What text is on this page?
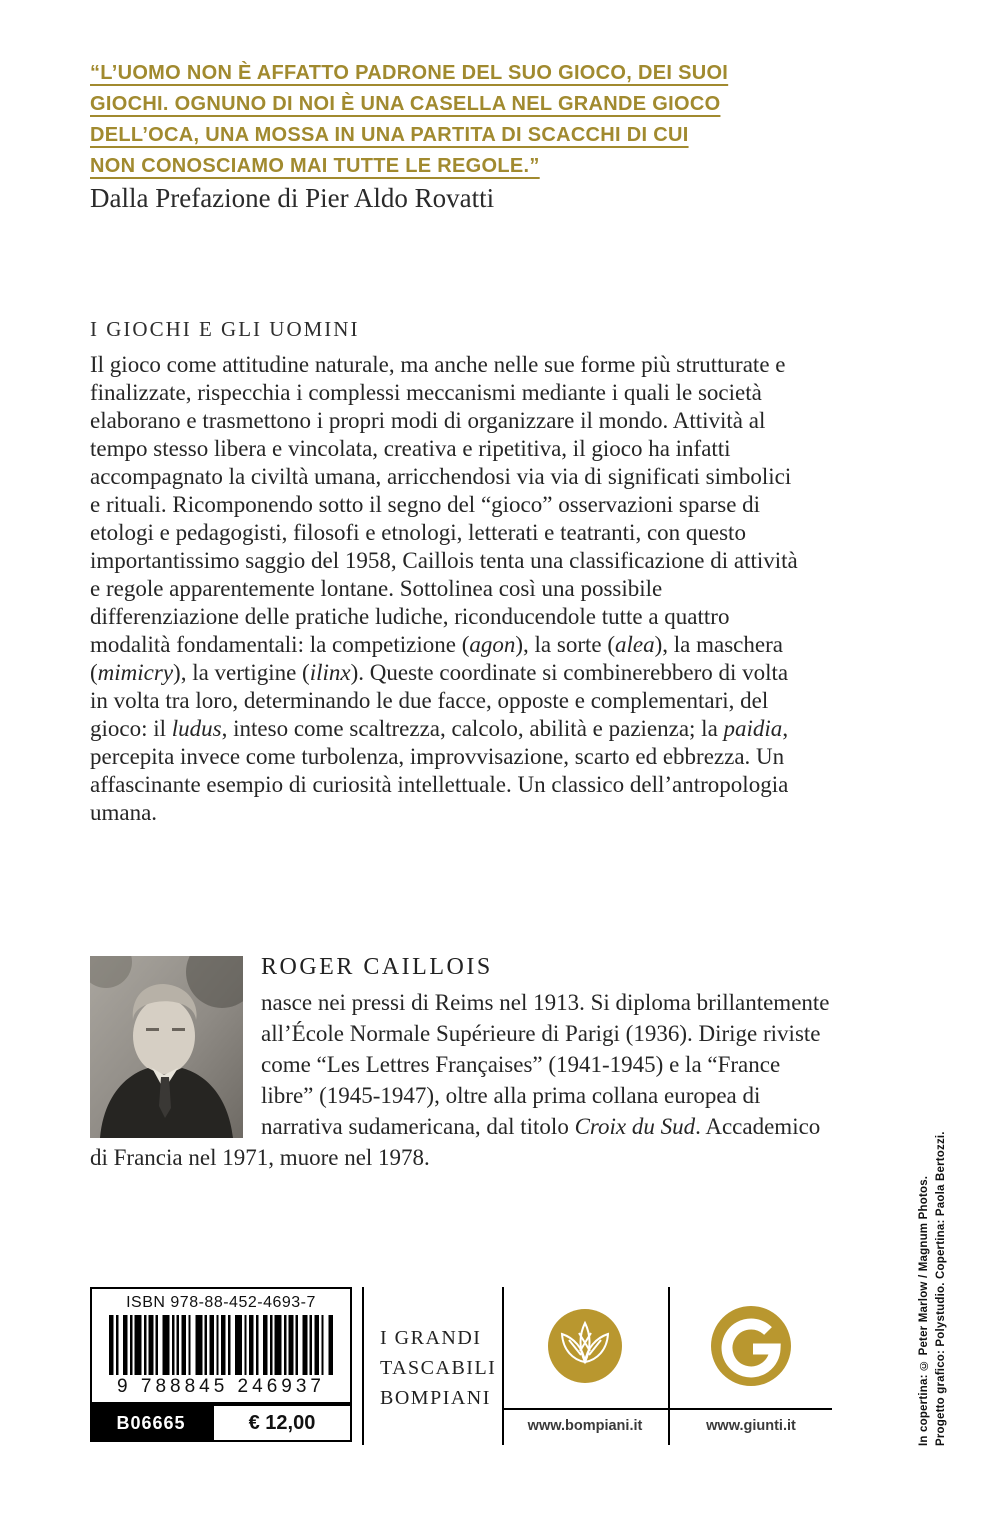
“L’UOMO NON È AFFATTO PADRONE DEL SUO GIOCO, DEI SUOI
GIOCHI. OGNUNO DI NOI È UNA CASELLA NEL GRANDE GIOCO
DELL’OCA, UNA MOSSA IN UNA PARTITA DI SCACCHI DI CUI
NON CONOSCIAMO MAI TUTTE LE REGOLE.”
Dalla Prefazione di Pier Aldo Rovatti
I GIOCHI E GLI UOMINI
Il gioco come attitudine naturale, ma anche nelle sue forme più strutturate e finalizzate, rispecchia i complessi meccanismi mediante i quali le società elaborano e trasmettono i propri modi di organizzare il mondo. Attività al tempo stesso libera e vincolata, creativa e ripetitiva, il gioco ha infatti accompagnato la civiltà umana, arricchendosi via via di significati simbolici e rituali. Ricomponendo sotto il segno del “gioco” osservazioni sparse di etologi e pedagogisti, filosofi e etnologi, letterati e teatranti, con questo importantissimo saggio del 1958, Caillois tenta una classificazione di attività e regole apparentemente lontane. Sottolinea così una possibile differenziazione delle pratiche ludiche, riconducendole tutte a quattro modalità fondamentali: la competizione (agon), la sorte (alea), la maschera (mimicry), la vertigine (ilinx). Queste coordinate si combinerebbero di volta in volta tra loro, determinando le due facce, opposte e complementari, del gioco: il ludus, inteso come scaltrezza, calcolo, abilità e pazienza; la paidia, percepita invece come turbolenza, improvvisazione, scarto ed ebbrezza. Un affascinante esempio di curiosità intellettuale. Un classico dell’antropologia umana.
ROGER CAILLOIS
nasce nei pressi di Reims nel 1913. Si diploma brillantemente all’École Normale Supérieure di Parigi (1936). Dirige riviste come “Les Lettres Françaises” (1941-1945) e la “France libre” (1945-1947), oltre alla prima collana europea di narrativa sudamericana, dal titolo Croix du Sud. Accademico di Francia nel 1971, muore nel 1978.
ISBN 978-88-452-4693-7
9 788845 246937
B06665	€ 12,00
I GRANDI
TASCABILI
BOMPIANI
www.bompiani.it	www.giunti.it	In copertina: © Peter Marlow / Magnum Photos. Progetto grafico: Polystudio. Copertina: Paola Bertozzi.
